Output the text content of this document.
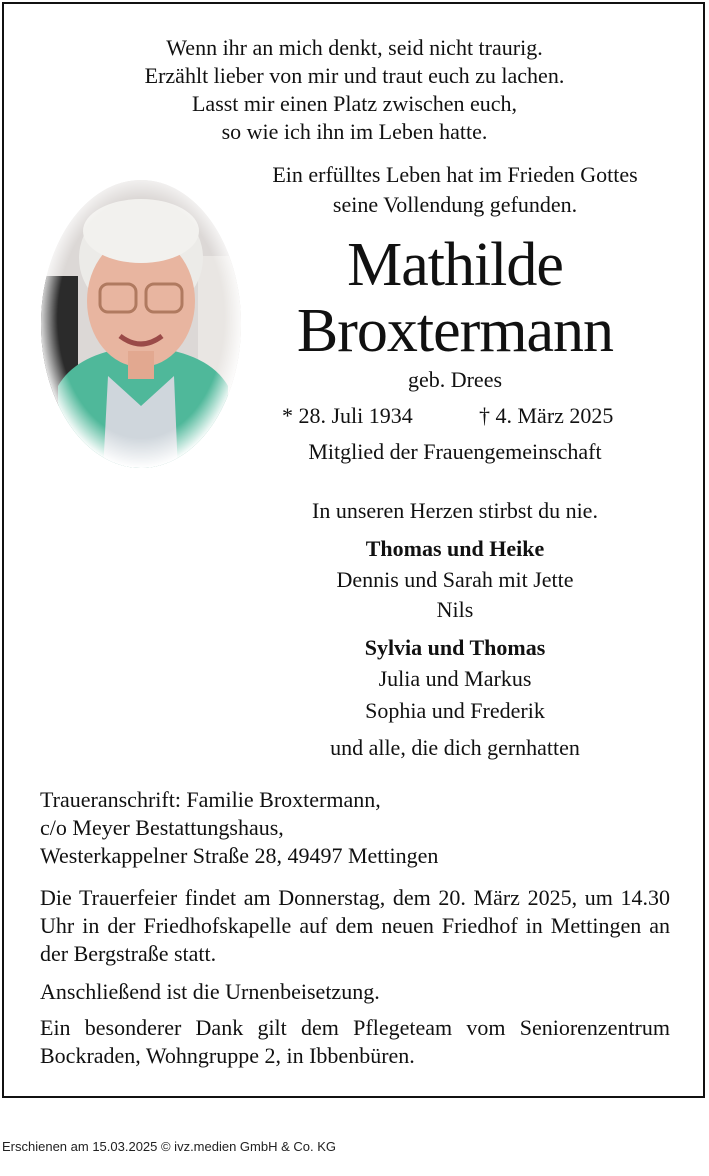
Wenn ihr an mich denkt, seid nicht traurig.
Erzählt lieber von mir und traut euch zu lachen.
Lasst mir einen Platz zwischen euch,
so wie ich ihn im Leben hatte.
Ein erfülltes Leben hat im Frieden Gottes
seine Vollendung gefunden.
Mathilde
Broxtermann
geb. Drees
* 28. Juli 1934	† 4. März 2025
Mitglied der Frauengemeinschaft
In unseren Herzen stirbst du nie.
Thomas und Heike
Dennis und Sarah mit Jette
Nils
Sylvia und Thomas
Julia und Markus
Sophia und Frederik
und alle, die dich gernhatten
Traueranschrift: Familie Broxtermann,
c/o Meyer Bestattungshaus,
Westerkappelner Straße 28, 49497 Mettingen
Die Trauerfeier findet am Donnerstag, dem 20. März 2025, um 14.30 Uhr in der Friedhofskapelle auf dem neuen Friedhof in Mettingen an der Bergstraße statt.
Anschließend ist die Urnenbeisetzung.
Ein besonderer Dank gilt dem Pflegeteam vom Seniorenzentrum Bockraden, Wohngruppe 2, in Ibbenbüren.
Erschienen am 15.03.2025 © ivz.medien GmbH & Co. KG
